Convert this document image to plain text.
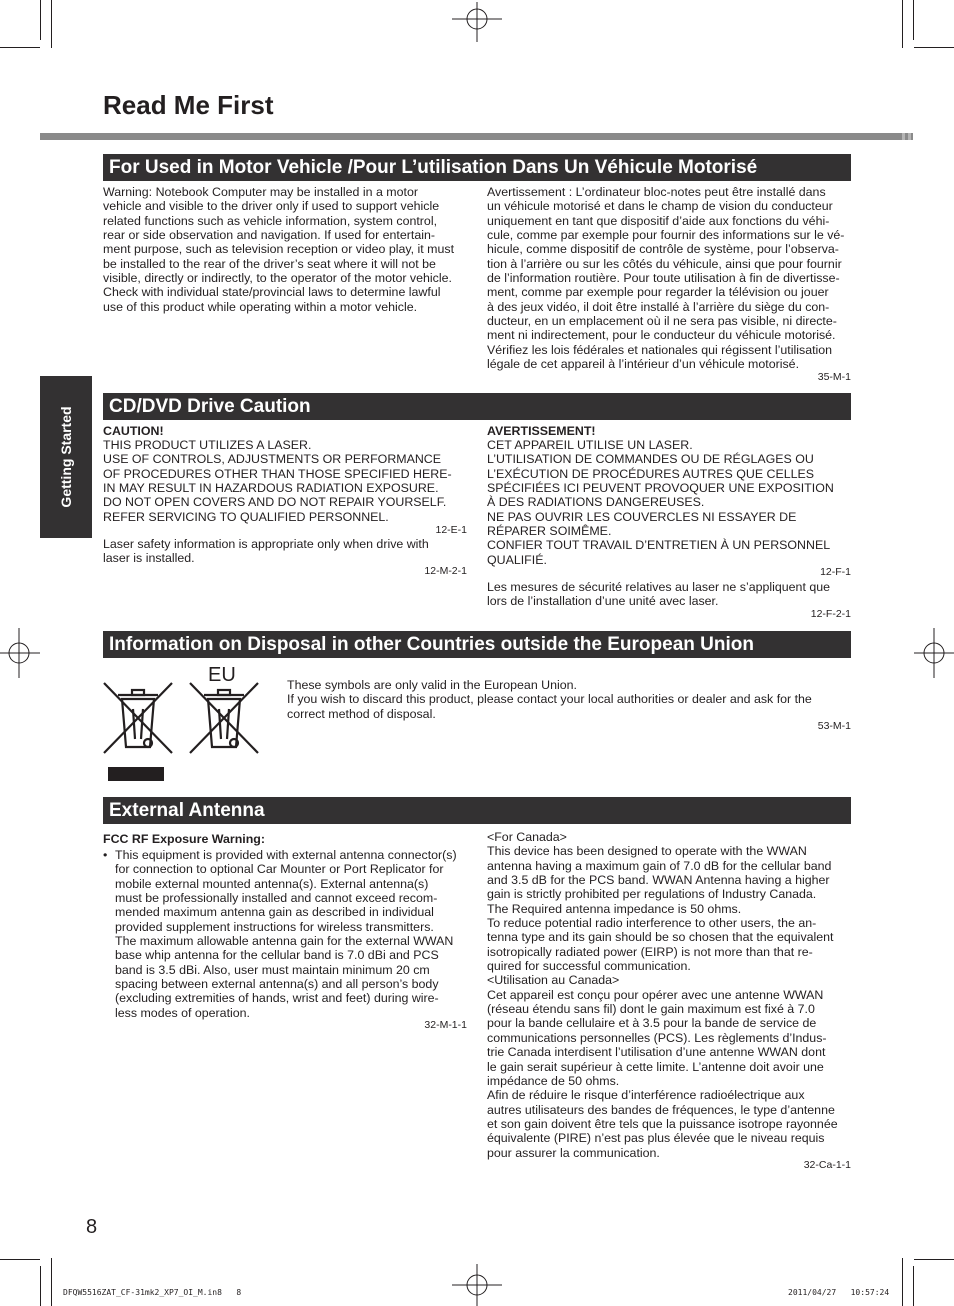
Read Me First
Getting Started
For Used in Motor Vehicle /Pour L’utilisation Dans Un Véhicule Motorisé
Warning: Notebook Computer may be installed in a motor
vehicle and visible to the driver only if used to support vehicle
related functions such as vehicle information, system control,
rear or side observation and navigation. If used for entertain-
ment purpose, such as television reception or video play, it must
be installed to the rear of the driver’s seat where it will not be
visible, directly or indirectly, to the operator of the motor vehicle.
Check with individual state/provincial laws to determine lawful
use of this product while operating within a motor vehicle.
Avertissement : L’ordinateur bloc-notes peut être installé dans
un véhicule motorisé et dans le champ de vision du conducteur
uniquement en tant que dispositif d’aide aux fonctions du véhi-
cule, comme par exemple pour fournir des informations sur le vé-
hicule, comme dispositif de contrôle de système, pour l’observa-
tion à l’arrière ou sur les côtés du véhicule, ainsi que pour fournir
de l’information routière. Pour toute utilisation à fin de divertisse-
ment, comme par exemple pour regarder la télévision ou jouer
à des jeux vidéo, il doit être installé à l’arrière du siège du con-
ducteur, en un emplacement où il ne sera pas visible, ni directe-
ment ni indirectement, pour le conducteur du véhicule motorisé.
Vérifiez les lois fédérales et nationales qui régissent l’utilisation
légale de cet appareil à l’intérieur d’un véhicule motorisé.
35-M-1
CD/DVD Drive Caution
CAUTION!
THIS PRODUCT UTILIZES A LASER.
USE OF CONTROLS, ADJUSTMENTS OR PERFORMANCE
OF PROCEDURES OTHER THAN THOSE SPECIFIED HERE-
IN MAY RESULT IN HAZARDOUS RADIATION EXPOSURE.
DO NOT OPEN COVERS AND DO NOT REPAIR YOURSELF.
REFER SERVICING TO QUALIFIED PERSONNEL.
12-E-1
Laser safety information is appropriate only when drive with
laser is installed.
12-M-2-1
AVERTISSEMENT!
CET APPAREIL UTILISE UN LASER.
L’UTILISATION DE COMMANDES OU DE RÉGLAGES OU
L’EXÉCUTION DE PROCÉDURES AUTRES QUE CELLES
SPÉCIFIÉES ICI PEUVENT PROVOQUER UNE EXPOSITION
À DES RADIATIONS DANGEREUSES.
NE PAS OUVRIR LES COUVERCLES NI ESSAYER DE
RÉPARER SOIMÊME.
CONFIER TOUT TRAVAIL D’ENTRETIEN À UN PERSONNEL
QUALIFIÉ.
12-F-1
Les mesures de sécurité relatives au laser ne s’appliquent que
lors de l’installation d’une unité avec laser.
12-F-2-1
Information on Disposal in other Countries outside the European Union
EU	These symbols are only valid in the European Union.
If you wish to discard this product, please contact your local authorities or dealer and ask for the
correct method of disposal.
53-M-1
External Antenna
FCC RF Exposure Warning:
• This equipment is provided with external antenna connector(s)
for connection to optional Car Mounter or Port Replicator for
mobile external mounted antenna(s). External antenna(s)
must be professionally installed and cannot exceed recom-
mended maximum antenna gain as described in individual
provided supplement instructions for wireless transmitters.
The maximum allowable antenna gain for the external WWAN
base whip antenna for the cellular band is 7.0 dBi and PCS
band is 3.5 dBi. Also, user must maintain minimum 20 cm
spacing between external antenna(s) and all person’s body
(excluding extremities of hands, wrist and feet) during wire-
less modes of operation.
32-M-1-1
<For Canada>
This device has been designed to operate with the WWAN
antenna having a maximum gain of 7.0 dB for the cellular band
and 3.5 dB for the PCS band. WWAN Antenna having a higher
gain is strictly prohibited per regulations of Industry Canada.
The Required antenna impedance is 50 ohms.
To reduce potential radio interference to other users, the an-
tenna type and its gain should be so chosen that the equivalent
isotropically radiated power (EIRP) is not more than that re-
quired for successful communication.
<Utilisation au Canada>
Cet appareil est conçu pour opérer avec une antenne WWAN
(réseau étendu sans fil) dont le gain maximum est fixé à 7.0
pour la bande cellulaire et à 3.5 pour la bande de service de
communications personnelles (PCS). Les règlements d’Indus-
trie Canada interdisent l’utilisation d’une antenne WWAN dont
le gain serait supérieur à cette limite. L’antenne doit avoir une
impédance de 50 ohms.
Afin de réduire le risque d’interférence radioélectrique aux
autres utilisateurs des bandes de fréquences, le type d’antenne
et son gain doivent être tels que la puissance isotrope rayonnée
équivalente (PIRE) n’est pas plus élevée que le niveau requis
pour assurer la communication.
32-Ca-1-1
8
DFQW5516ZAT_CF-31mk2_XP7_OI_M.in8   8	2011/04/27   10:57:24
